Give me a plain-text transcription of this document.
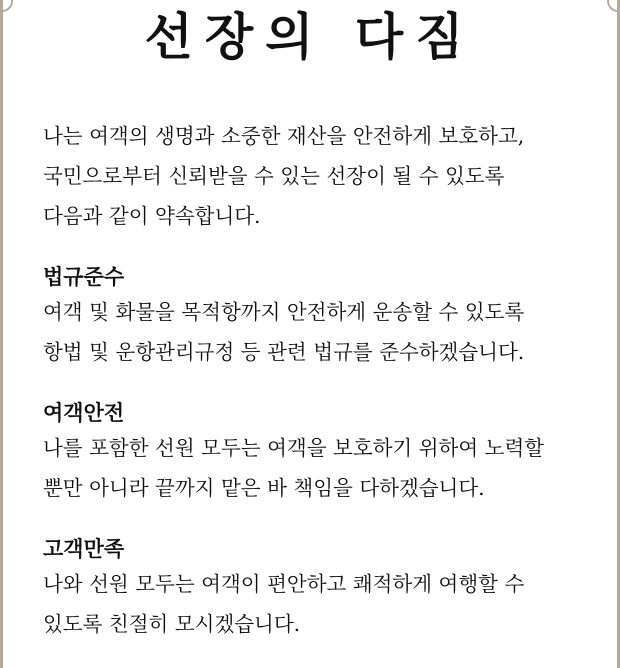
선장의 다짐

나는 여객의 생명과 소중한 재산을 안전하게 보호하고,
국민으로부터 신뢰받을 수 있는 선장이 될 수 있도록
다음과 같이 약속합니다.

법규준수

여객 및 화물을 목적항까지 안전하게 운송할 수 있도록
항법 및 운항관리규정 등 관련 법규를 준수하겠습니다.

여객안전

나를 포함한 선원 모두는 여객을 보호하기 위하여 노력할
뿐만 아니라 끝까지 맡은 바 책임을 다하겠습니다.

고객만족

나와 선원 모두는 여객이 편안하고 쾌적하게 여행할 수
있도록 친절히 모시겠습니다.
